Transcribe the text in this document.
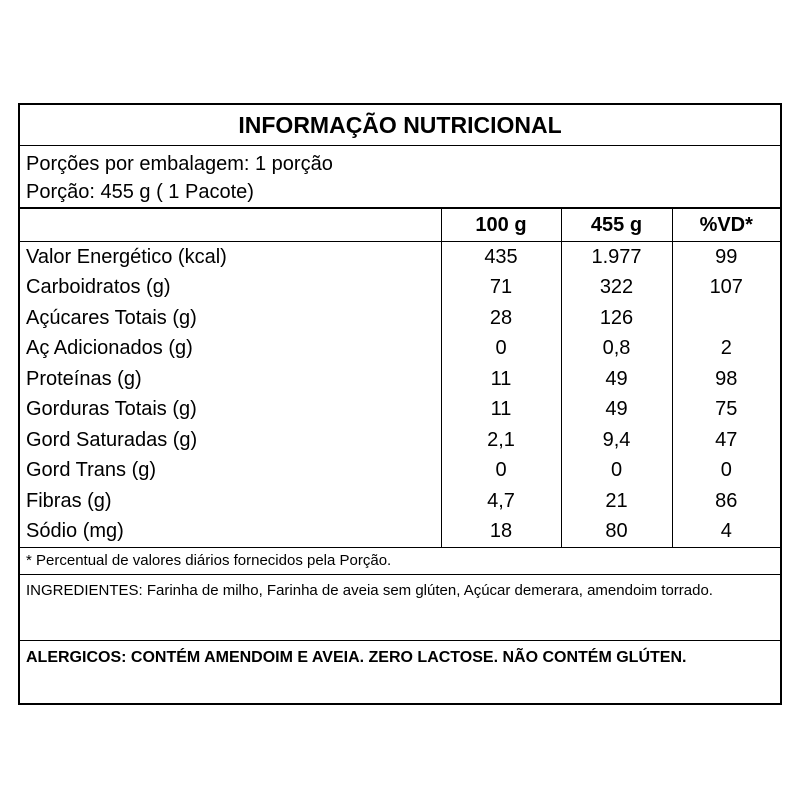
INFORMAÇÃO NUTRICIONAL
Porções por embalagem: 1 porção
Porção: 455 g ( 1 Pacote)
	100 g	455 g	%VD*
Valor Energético (kcal)	435	1.977	99
Carboidratos (g)	71	322	107
Açúcares Totais (g)	28	126	
Aç Adicionados (g)	0	0,8	2
Proteínas (g)	11	49	98
Gorduras Totais (g)	11	49	75
Gord Saturadas (g)	2,1	9,4	47
Gord Trans (g)	0	0	0
Fibras (g)	4,7	21	86
Sódio (mg)	18	80	4
* Percentual de valores diários fornecidos pela Porção.
INGREDIENTES: Farinha de milho, Farinha de aveia sem glúten, Açúcar demerara, amendoim torrado.
ALERGICOS: CONTÉM AMENDOIM E AVEIA. ZERO LACTOSE. NÃO CONTÉM GLÚTEN.
